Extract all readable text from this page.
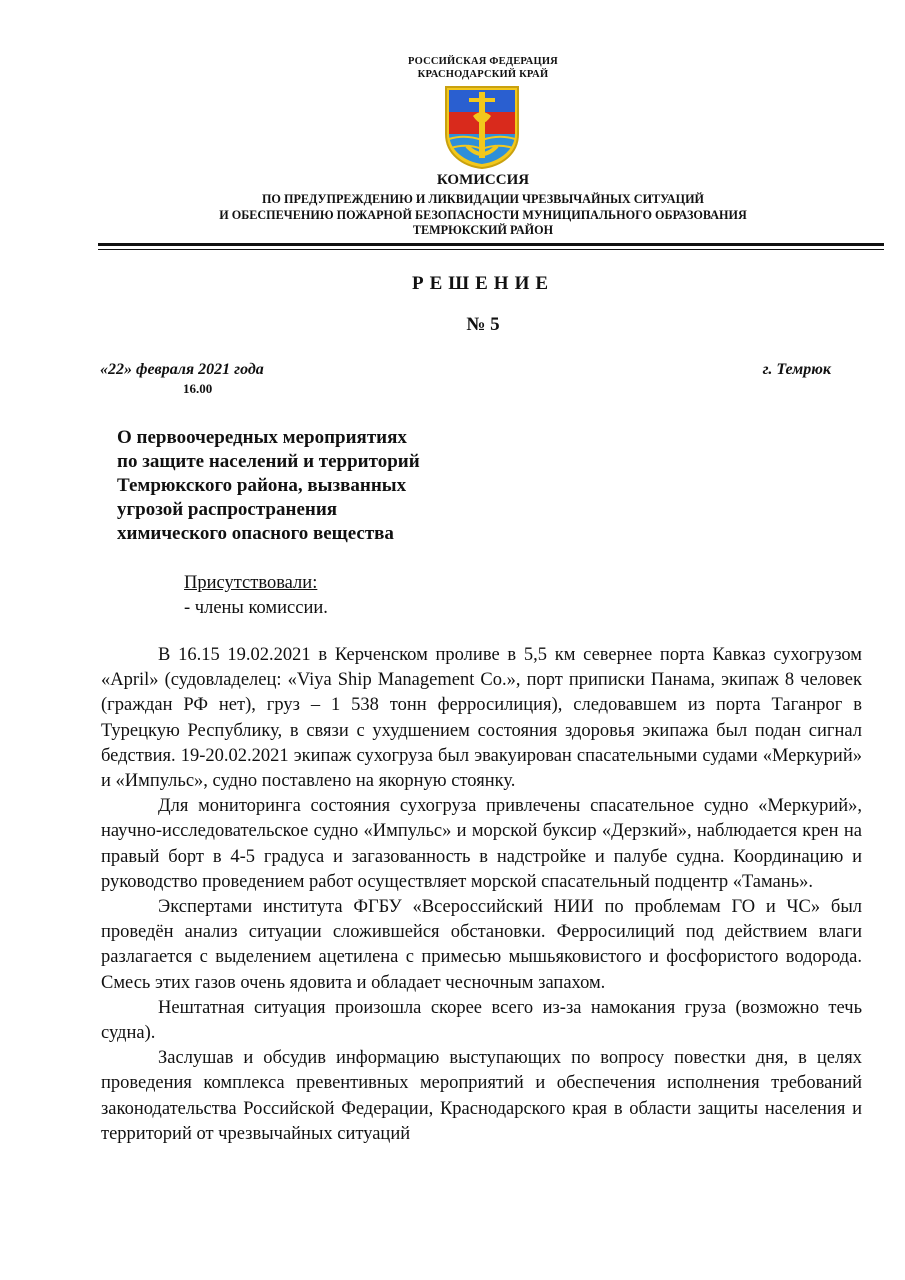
РОССИЙСКАЯ ФЕДЕРАЦИЯ
КРАСНОДАРСКИЙ КРАЙ
КОМИССИЯ
ПО ПРЕДУПРЕЖДЕНИЮ И ЛИКВИДАЦИИ ЧРЕЗВЫЧАЙНЫХ СИТУАЦИЙ
И ОБЕСПЕЧЕНИЮ ПОЖАРНОЙ БЕЗОПАСНОСТИ МУНИЦИПАЛЬНОГО ОБРАЗОВАНИЯ
ТЕМРЮКСКИЙ РАЙОН
РЕШЕНИЕ
№ 5
«22» февраля 2021 года	г. Темрюк
16.00
О первоочередных мероприятиях
по защите населений и территорий
Темрюкского района, вызванных
угрозой распространения
химического опасного вещества
Присутствовали:
- члены комиссии.

В 16.15 19.02.2021 в Керченском проливе в 5,5 км севернее порта Кавказ сухогрузом «April» (судовладелец: «Viya Ship Management Co.», порт приписки Панама, экипаж 8 человек (граждан РФ нет), груз – 1 538 тонн ферросилиция), следовавшем из порта Таганрог в Турецкую Республику, в связи с ухудшением состояния здоровья экипажа был подан сигнал бедствия. 19-20.02.2021 экипаж сухогруза был эвакуирован спасательными судами «Меркурий» и «Импульс», судно поставлено на якорную стоянку.

Для мониторинга состояния сухогруза привлечены спасательное судно «Меркурий», научно-исследовательское судно «Импульс» и морской буксир «Дерзкий», наблюдается крен на правый борт в 4-5 градуса и загазованность в надстройке и палубе судна. Координацию и руководство проведением работ осуществляет морской спасательный подцентр «Тамань».

Экспертами института ФГБУ «Всероссийский НИИ по проблемам ГО и ЧС» был проведён анализ ситуации сложившейся обстановки. Ферросилиций под действием влаги разлагается с выделением ацетилена с примесью мышьяковистого и фосфористого водорода. Смесь этих газов очень ядовита и обладает чесночным запахом.

Нештатная ситуация произошла скорее всего из-за намокания груза (возможно течь судна).

Заслушав и обсудив информацию выступающих по вопросу повестки дня, в целях проведения комплекса превентивных мероприятий и обеспечения исполнения требований законодательства Российской Федерации, Краснодарского края в области защиты населения и территорий от чрезвычайных ситуаций
